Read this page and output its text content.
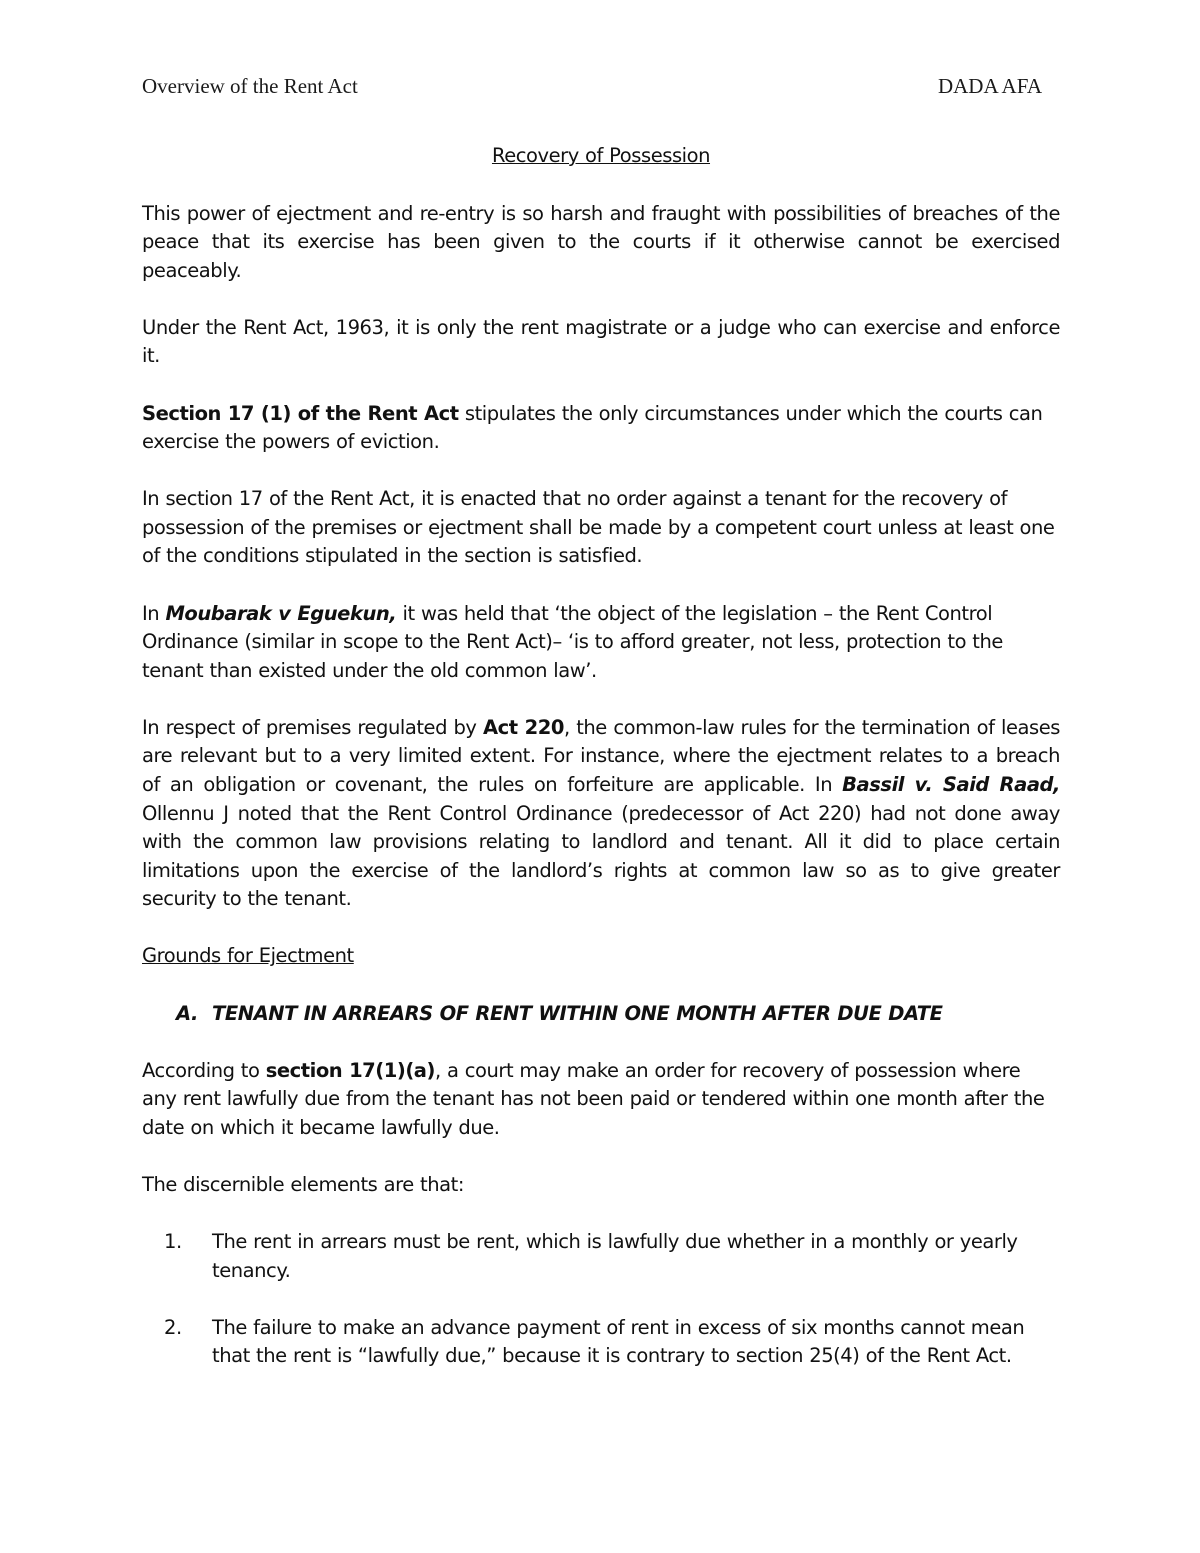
Overview of the Rent Act	DADA AFA
Recovery of Possession

This power of ejectment and re-entry is so harsh and fraught with possibilities of breaches of the peace that its exercise has been given to the courts if it otherwise cannot be exercised peaceably.

Under the Rent Act, 1963, it is only the rent magistrate or a judge who can exercise and enforce it.

Section 17 (1) of the Rent Act stipulates the only circumstances under which the courts can exercise the powers of eviction.

In section 17 of the Rent Act, it is enacted that no order against a tenant for the recovery of possession of the premises or ejectment shall be made by a competent court unless at least one of the conditions stipulated in the section is satisfied.

In Moubarak v Eguekun, it was held that ‘the object of the legislation – the Rent Control Ordinance (similar in scope to the Rent Act)– ‘is to afford greater, not less, protection to the tenant than existed under the old common law’.

In respect of premises regulated by Act 220, the common-law rules for the termination of leases are relevant but to a very limited extent. For instance, where the ejectment relates to a breach of an obligation or covenant, the rules on forfeiture are applicable. In Bassil v. Said Raad, Ollennu J noted that the Rent Control Ordinance (predecessor of Act 220) had not done away with the common law provisions relating to landlord and tenant. All it did to place certain limitations upon the exercise of the landlord’s rights at common law so as to give greater security to the tenant.

Grounds for Ejectment
A. TENANT IN ARREARS OF RENT WITHIN ONE MONTH AFTER DUE DATE

According to section 17(1)(a), a court may make an order for recovery of possession where any rent lawfully due from the tenant has not been paid or tendered within one month after the date on which it became lawfully due.

The discernible elements are that:

1.	The rent in arrears must be rent, which is lawfully due whether in a monthly or yearly tenancy.
2.	The failure to make an advance payment of rent in excess of six months cannot mean that the rent is “lawfully due,” because it is contrary to section 25(4) of the Rent Act.
